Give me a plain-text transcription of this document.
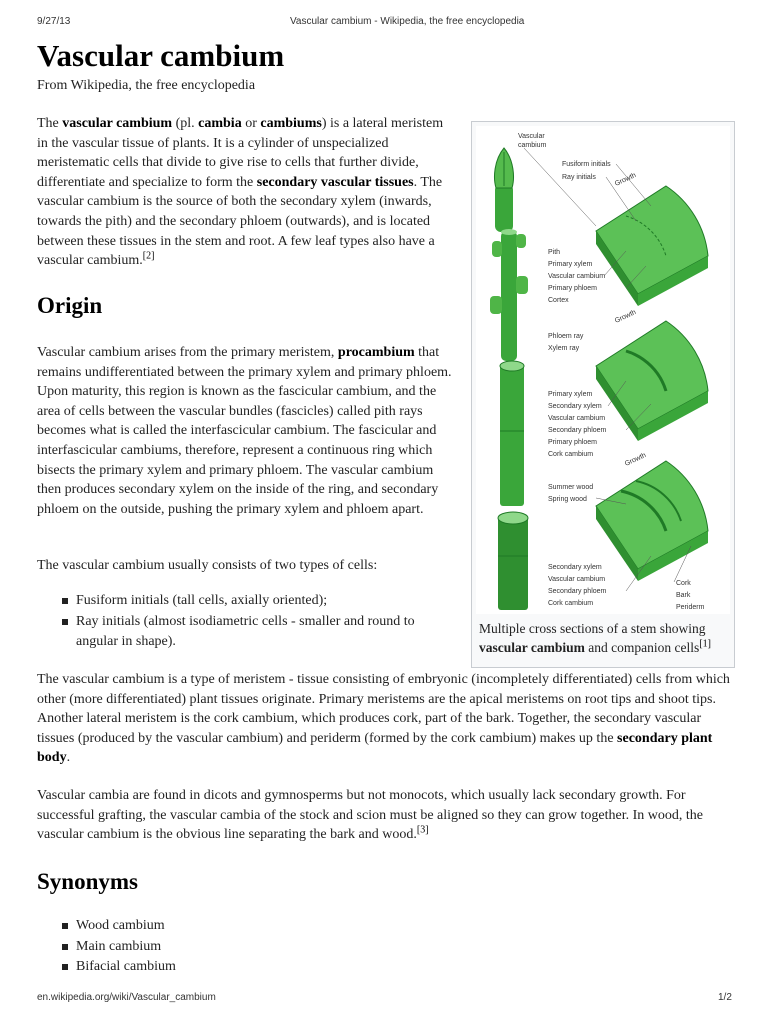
9/27/13	Vascular cambium - Wikipedia, the free encyclopedia
Vascular cambium
From Wikipedia, the free encyclopedia

The vascular cambium (pl. cambia or cambiums) is a lateral meristem in the vascular tissue of plants. It is a cylinder of unspecialized meristematic cells that divide to give rise to cells that further divide, differentiate and specialize to form the secondary vascular tissues. The vascular cambium is the source of both the secondary xylem (inwards, towards the pith) and the secondary phloem (outwards), and is located between these tissues in the stem and root. A few leaf types also have a vascular cambium.[2]

Origin

Vascular cambium arises from the primary meristem, procambium that remains undifferentiated between the primary xylem and primary phloem. Upon maturity, this region is known as the fascicular cambium, and the area of cells between the vascular bundles (fascicles) called pith rays becomes what is called the interfascicular cambium. The fascicular and interfascicular cambiums, therefore, represent a continuous ring which bisects the primary xylem and primary phloem. The vascular cambium then produces secondary xylem on the inside of the ring, and secondary phloem on the outside, pushing the primary xylem and phloem apart.

The vascular cambium usually consists of two types of cells:

Fusiform initials (tall cells, axially oriented);
Ray initials (almost isodiametric cells - smaller and round to angular in shape).

The vascular cambium is a type of meristem - tissue consisting of embryonic (incompletely differentiated) cells from which other (more differentiated) plant tissues originate. Primary meristems are the apical meristems on root tips and shoot tips. Another lateral meristem is the cork cambium, which produces cork, part of the bark. Together, the secondary vascular tissues (produced by the vascular cambium) and periderm (formed by the cork cambium) makes up the secondary plant body.

Vascular cambia are found in dicots and gymnosperms but not monocots, which usually lack secondary growth. For successful grafting, the vascular cambia of the stock and scion must be aligned so they can grow together. In wood, the vascular cambium is the obvious line separating the bark and wood.[3]

Synonyms
Wood cambium
Main cambium
Bifacial cambium
Vascular
cambium
Fusiform initials
Ray initials	Growth
Pith
Primary xylem
Vascular cambium
Primary phloem
Cortex
Growth
Phloem ray
Xylem ray
Primary xylem
Secondary xylem
Vascular cambium
Secondary phloem
Primary phloem
Cork cambium	Growth
Summer wood
Spring wood
Secondary xylem
Vascular cambium
Secondary phloem
Cork cambium
Cork
Bark
Periderm
Multiple cross sections of a stem showing vascular cambium and companion cells[1]
en.wikipedia.org/wiki/Vascular_cambium	1/2
